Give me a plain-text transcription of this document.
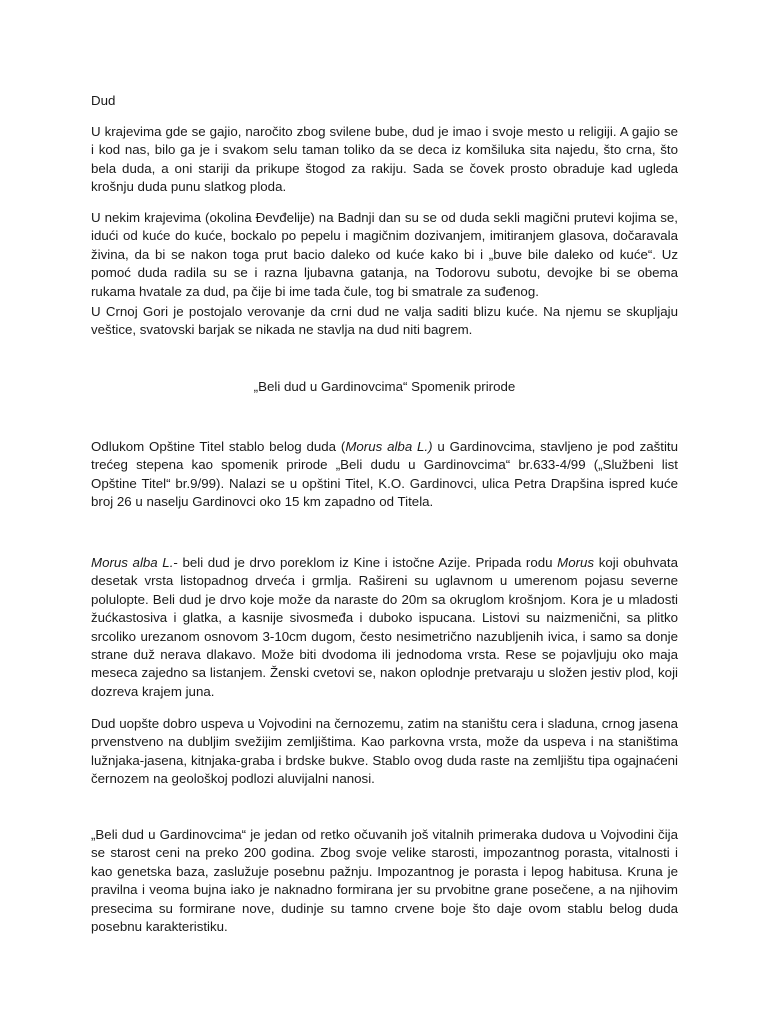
Dud

U krajevima gde se gajio, naročito zbog svilene bube, dud je imao i svoje mesto u religiji. A gajio se i kod nas, bilo ga je i svakom selu taman toliko da se deca iz komšiluka sita najedu, što crna, što bela duda, a oni stariji da prikupe štogod za rakiju. Sada se čovek prosto obraduje kad ugleda krošnju duda punu slatkog ploda.

U nekim krajevima (okolina Đevđelije) na Badnji dan su se od duda sekli magični prutevi kojima se, idući od kuće do kuće, bockalo po pepelu i magičnim dozivanjem, imitiranjem glasova, dočaravala živina, da bi se nakon toga prut bacio daleko od kuće kako bi i „buve bile daleko od kuće“. Uz pomoć duda radila su se i razna ljubavna gatanja, na Todorovu subotu, devojke bi se obema rukama hvatale za dud, pa čije bi ime tada čule, tog bi smatrale za suđenog.

U Crnoj Gori je postojalo verovanje da crni dud ne valja saditi blizu kuće. Na njemu se skupljaju veštice, svatovski barjak se nikada ne stavlja na dud niti bagrem.

„Beli dud u Gardinovcima“ Spomenik prirode

Odlukom Opštine Titel stablo belog duda (Morus alba L.) u Gardinovcima, stavljeno je pod zaštitu trećeg stepena kao spomenik prirode „Beli dudu u Gardinovcima“ br.633-4/99 („Službeni list Opštine Titel“ br.9/99). Nalazi se u opštini Titel, K.O. Gardinovci, ulica Petra Drapšina ispred kuće broj 26 u naselju Gardinovci oko 15 km zapadno od Titela.

Morus alba L.- beli dud je drvo poreklom iz Kine i istočne Azije. Pripada rodu Morus koji obuhvata desetak vrsta listopadnog drveća i grmlja. Rašireni su uglavnom u umerenom pojasu severne polulopte. Beli dud je drvo koje može da naraste do 20m sa okruglom krošnjom. Kora je u mladosti žućkastosiva i glatka, a kasnije sivosmeđa i duboko ispucana. Listovi su naizmenični, sa plitko srcoliko urezanom osnovom 3-10cm dugom, često nesimetrično nazubljenih ivica, i samo sa donje strane duž nerava dlakavo. Može biti dvodoma ili jednodoma vrsta. Rese se pojavljuju oko maja meseca zajedno sa listanjem. Ženski cvetovi se, nakon oplodnje pretvaraju u složen jestiv plod, koji dozreva krajem juna.

Dud uopšte dobro uspeva u Vojvodini na černozemu, zatim na staništu cera i sladuna, crnog jasena prvenstveno na dubljim svežijim zemljištima. Kao parkovna vrsta, može da uspeva i na staništima lužnjaka-jasena, kitnjaka-graba i brdske bukve. Stablo ovog duda raste na zemljištu tipa ogajnaćeni černozem na geološkoj podlozi aluvijalni nanosi.

„Beli dud u Gardinovcima“ je jedan od retko očuvanih još vitalnih primeraka dudova u Vojvodini čija se starost ceni na preko 200 godina. Zbog svoje velike starosti, impozantnog porasta, vitalnosti i kao genetska baza, zaslužuje posebnu pažnju. Impozantnog je porasta i lepog habitusa. Kruna je pravilna i veoma bujna iako je naknadno formirana jer su prvobitne grane posečene, a na njihovim presecima su formirane nove, dudinje su tamno crvene boje što daje ovom stablu belog duda posebnu karakteristiku.
